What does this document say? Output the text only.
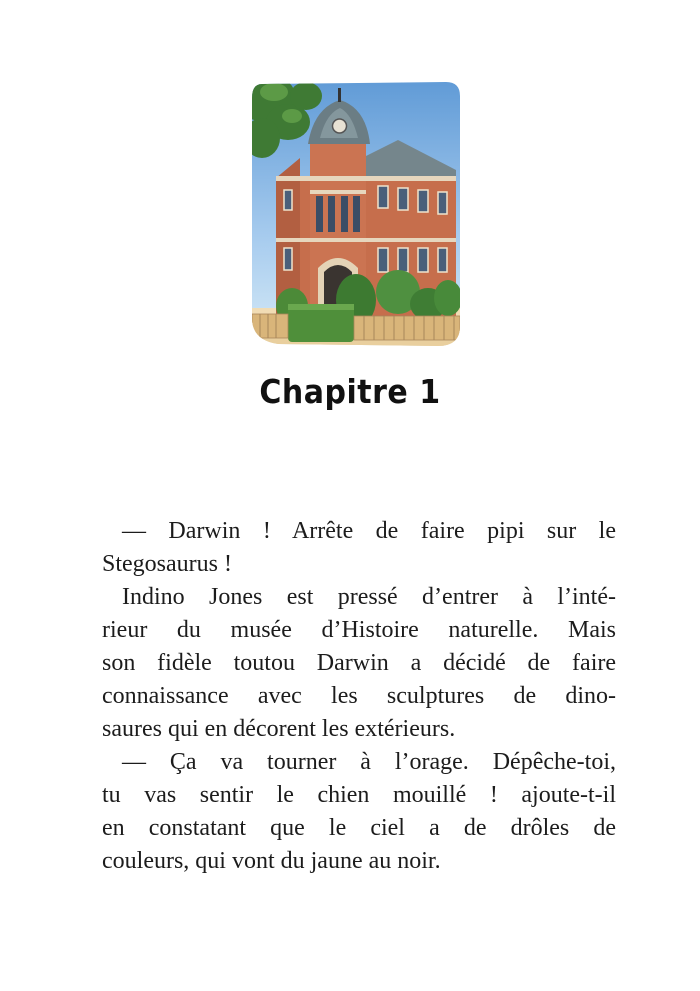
Chapitre 1
— Darwin ! Arrête de faire pipi sur le
Stegosaurus !
Indino Jones est pressé d’entrer à l’inté-
rieur du musée d’Histoire naturelle. Mais
son fidèle toutou Darwin a décidé de faire
connaissance avec les sculptures de dino-
saures qui en décorent les extérieurs.
— Ça va tourner à l’orage. Dépêche-toi,
tu vas sentir le chien mouillé ! ajoute-t-il
en constatant que le ciel a de drôles de
couleurs, qui vont du jaune au noir.
